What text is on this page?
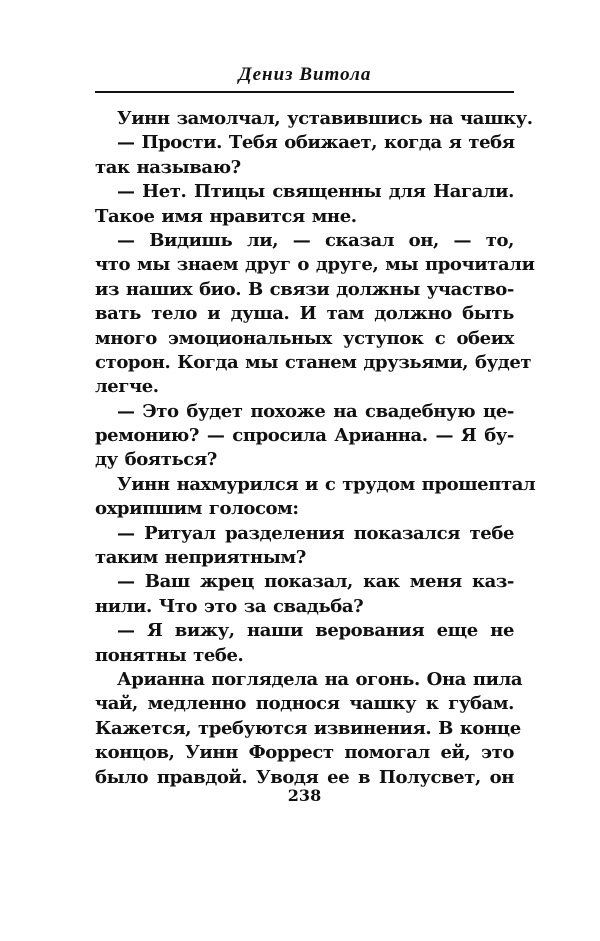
Дениз Витола
Уинн замолчал, уставившись на чашку.
— Прости. Тебя обижает, когда я тебя
так называю?
— Нет. Птицы священны для Нагали.
Такое имя нравится мне.
— Видишь ли, — сказал он, — то,
что мы знаем друг о друге, мы прочитали
из наших био. В связи должны участво-
вать тело и душа. И там должно быть
много эмоциональных уступок с обеих
сторон. Когда мы станем друзьями, будет
легче.
— Это будет похоже на свадебную це-
ремонию? — спросила Арианна. — Я бу-
ду бояться?
Уинн нахмурился и с трудом прошептал
охрипшим голосом:
— Ритуал разделения показался тебе
таким неприятным?
— Ваш жрец показал, как меня каз-
нили. Что это за свадьба?
— Я вижу, наши верования еще не
понятны тебе.
Арианна поглядела на огонь. Она пила
чай, медленно поднося чашку к губам.
Кажется, требуются извинения. В конце
концов, Уинн Форрест помогал ей, это
было правдой. Уводя ее в Полусвет, он
238
